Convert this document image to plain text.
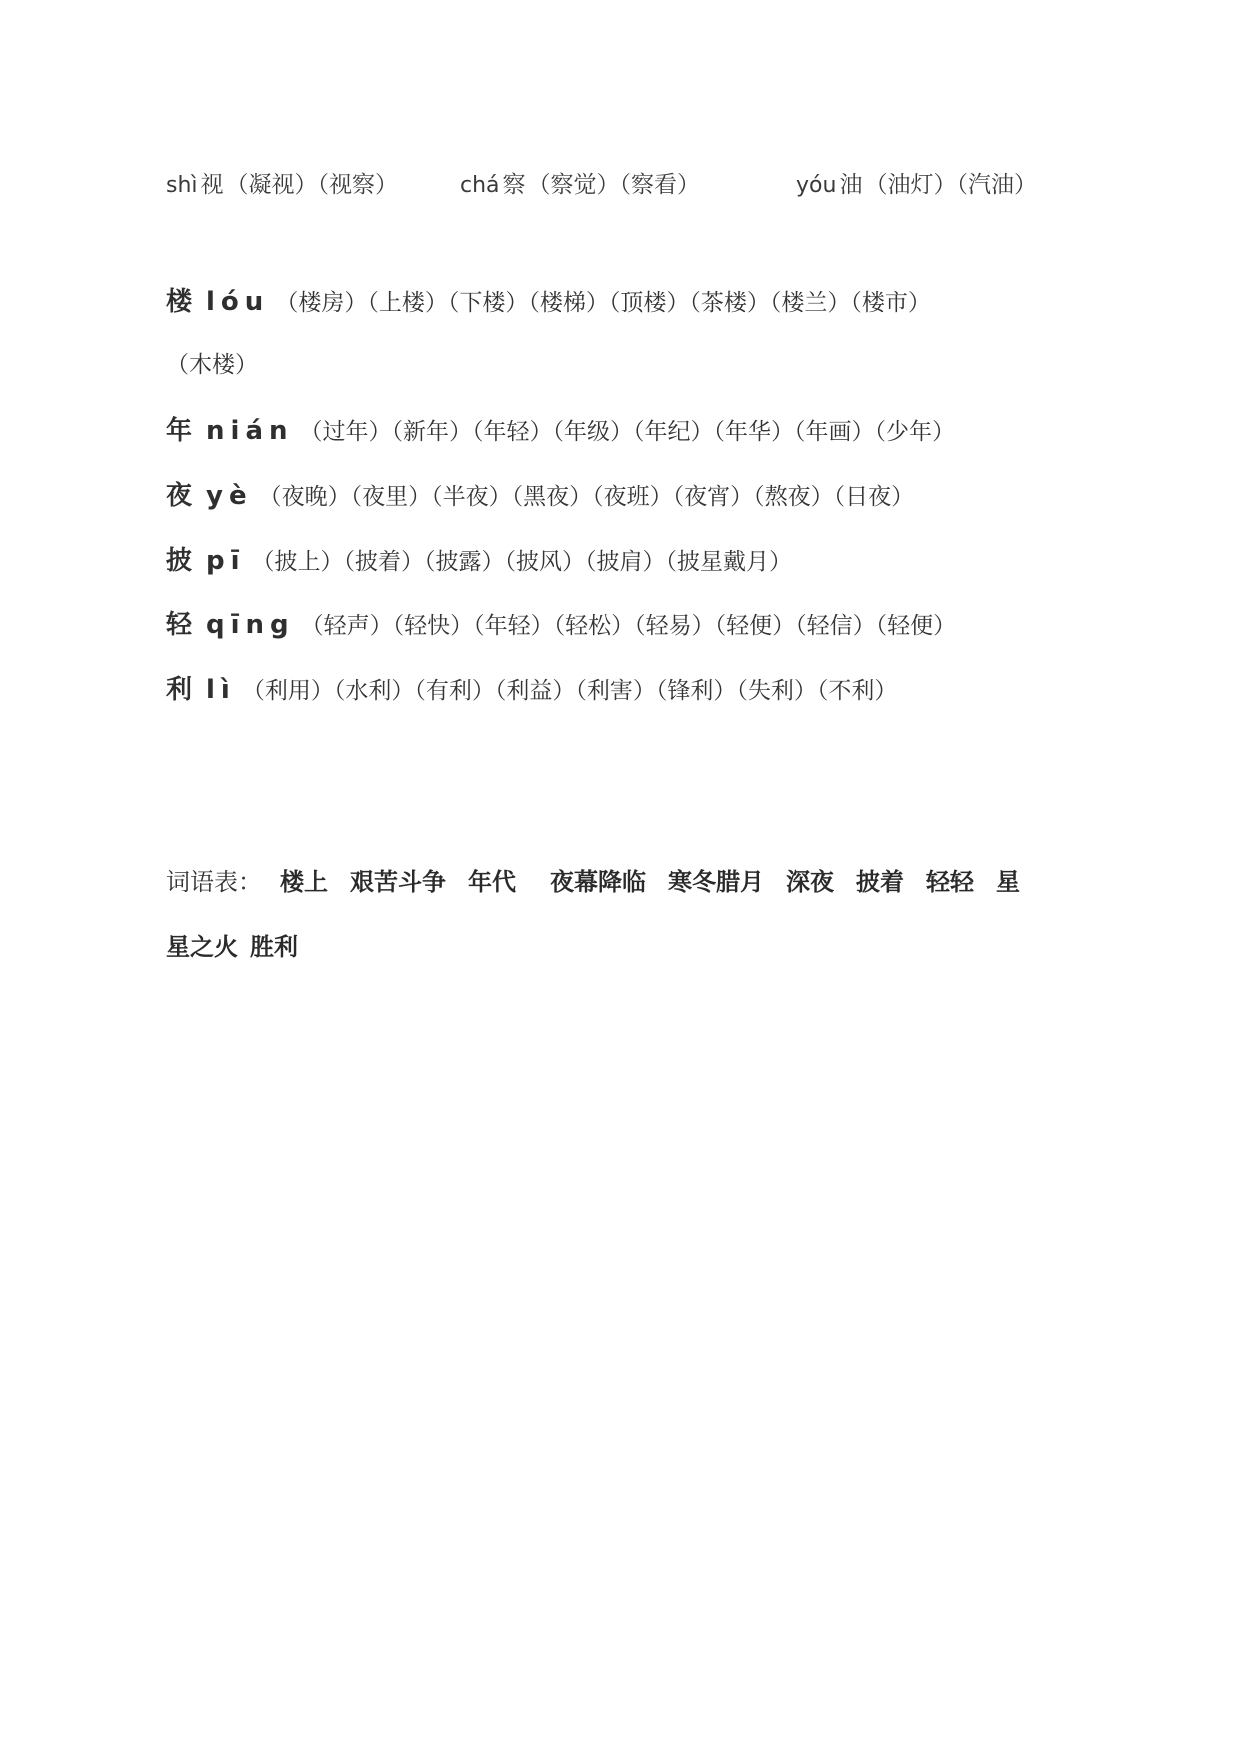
shì 视（凝视）（视察）	chá 察（察觉）（察看）	yóu 油（油灯）（汽油）
楼 lóu （楼房）（上楼）（下楼）（楼梯）（顶楼）（茶楼）（楼兰）（楼市）
（木楼）
年 nián （过年）（新年）（年轻）（年级）（年纪）（年华）（年画）（少年）
夜 yè （夜晚）（夜里）（半夜）（黑夜）（夜班）（夜宵）（熬夜）（日夜）
披 pī （披上）（披着）（披露）（披风）（披肩）（披星戴月）
轻 qīng （轻声）（轻快）（年轻）（轻松）（轻易）（轻便）（轻信）（轻便）
利 lì （利用）（水利）（有利）（利益）（利害）（锋利）（失利）（不利）
词语表： 楼上 艰苦斗争 年代 夜幕降临 寒冬腊月 深夜 披着 轻轻 星
星之火 胜利
